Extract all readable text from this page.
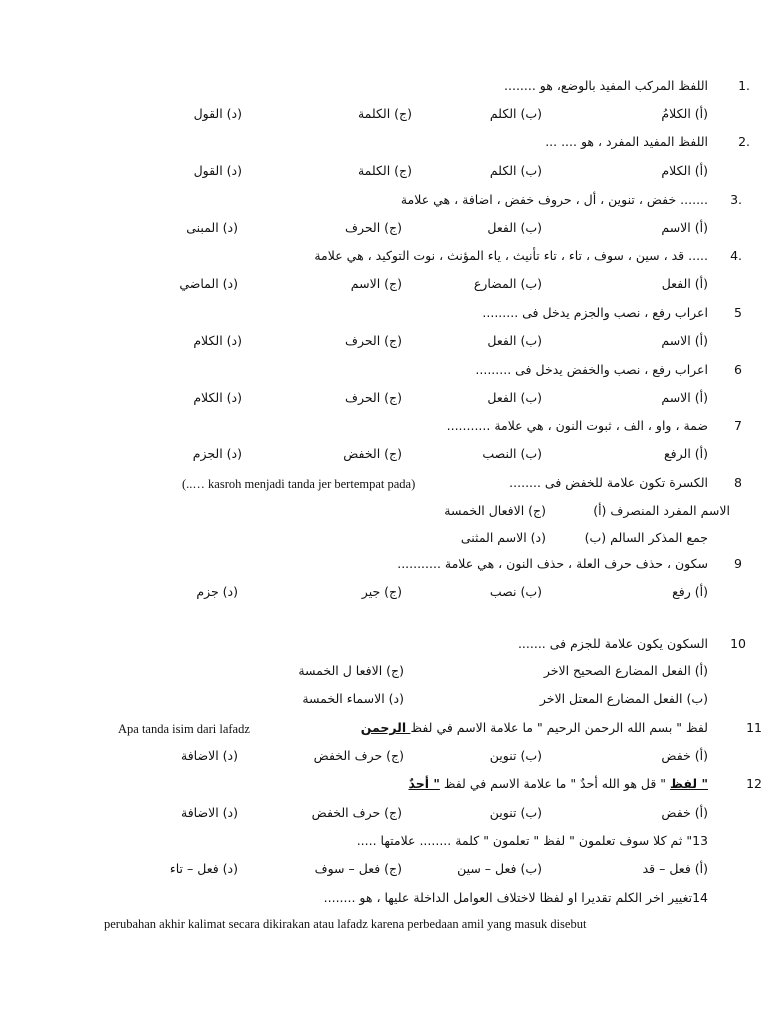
1.
اللفظ المركب المفيد بالوضع، هو ........
(أ) الكلامُ
(ب) الكلم
(ج) الكلمة
(د) القول
2.
اللفظ المفيد المفرد ، هو .... ...
(أ) الكلام
(ب) الكلم
(ج) الكلمة
(د) القول
3.
....... خفض ، تنوين ، أل ، حروف خفض ، اضافة ، هي علامة
(أ) الاسم
(ب) الفعل
(ج) الحرف
(د) المبنى
4.
..... قد ، سين ، سوف ، تاء ، تاء تأنيث ، ياء المؤنث ، نوت التوكيد ، هي علامة
(أ) الفعل
(ب) المضارع
(ج) الاسم
(د) الماضي
5
اعراب رفع ، نصب والجزم يدخل فى .........
(أ) الاسم
(ب) الفعل
(ج) الحرف
(د) الكلام
6
اعراب رفع ، نصب والخفض يدخل فى .........
(أ) الاسم
(ب) الفعل
(ج) الحرف
(د) الكلام
7
ضمة ، واو ، الف ، ثبوت النون ، هي علامة ...........
(أ) الرفع
(ب) النصب
(ج) الخفض
(د) الجزم
8
الكسرة تكون علامة للخفض فى ........
(..… kasroh menjadi tanda jer bertempat pada)
الاسم المفرد المنصرف (أ)
(ج) الافعال الخمسة
جمع المذكر السالم (ب)
(د) الاسم المثنى
9
سكون ، حذف حرف العلة ، حذف النون ، هي علامة ...........
(أ) رفع
(ب) نصب
(ج) جير
(د) جزم
10
السكون يكون علامة للجزم فى .......
(أ) الفعل المضارع الصحيح الاخر
(ج) الافعا ل الخمسة
(ب) الفعل المضارع المعتل الاخر
(د) الاسماء الخمسة
11
لفظ " بسم الله الرحمن الرحيم " ما علامة الاسم في لفظ الرحمن
Apa tanda isim dari lafadz
(أ) خفض
(ب) تنوين
(ج) حرف الخفض
(د) الاضافة
12
" لفظ " قل هو الله أحدٌ " ما علامة الاسم في لفظ " أحدٌ
(أ) خفض
(ب) تنوين
(ج) حرف الخفض
(د) الاضافة
13" ثم كلا سوف تعلمون " لفظ " تعلمون " كلمة ........ علامتها .....
(أ) فعل – قد
(ب) فعل – سين
(ج) فعل – سوف
(د) فعل – تاء
14تغيير اخر الكلم تقديرا او لفظا لاختلاف العوامل الداخلة عليها ، هو ........
perubahan akhir kalimat secara dikirakan atau lafadz karena perbedaan amil yang masuk disebut
